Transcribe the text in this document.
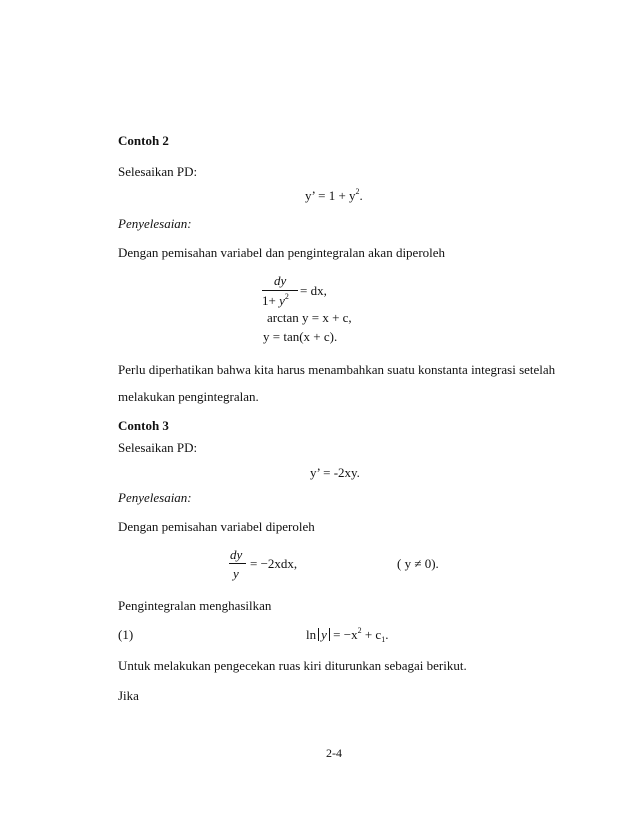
Contoh 2
Selesaikan PD:
y’ = $1 + y^2$.
Penyelesaian:
Dengan pemisahan variabel dan pengintegralan akan diperoleh
dy
$1+ y^2$ = dx,
arctan y = x + c,
y = tan(x + c).
Perlu diperhatikan bahwa kita harus menambahkan suatu konstanta integrasi setelah
melakukan pengintegralan.
Contoh 3
Selesaikan PD:
y’ = -2xy.
Penyelesaian:
Dengan pemisahan variabel diperoleh
dy
y
= −2xdx,	( y ≠ 0).
Pengintegralan menghasilkan
(1)	$\ln y = -x^2 + c_1$.
Untuk melakukan pengecekan ruas kiri diturunkan sebagai berikut.
Jika
2-4
